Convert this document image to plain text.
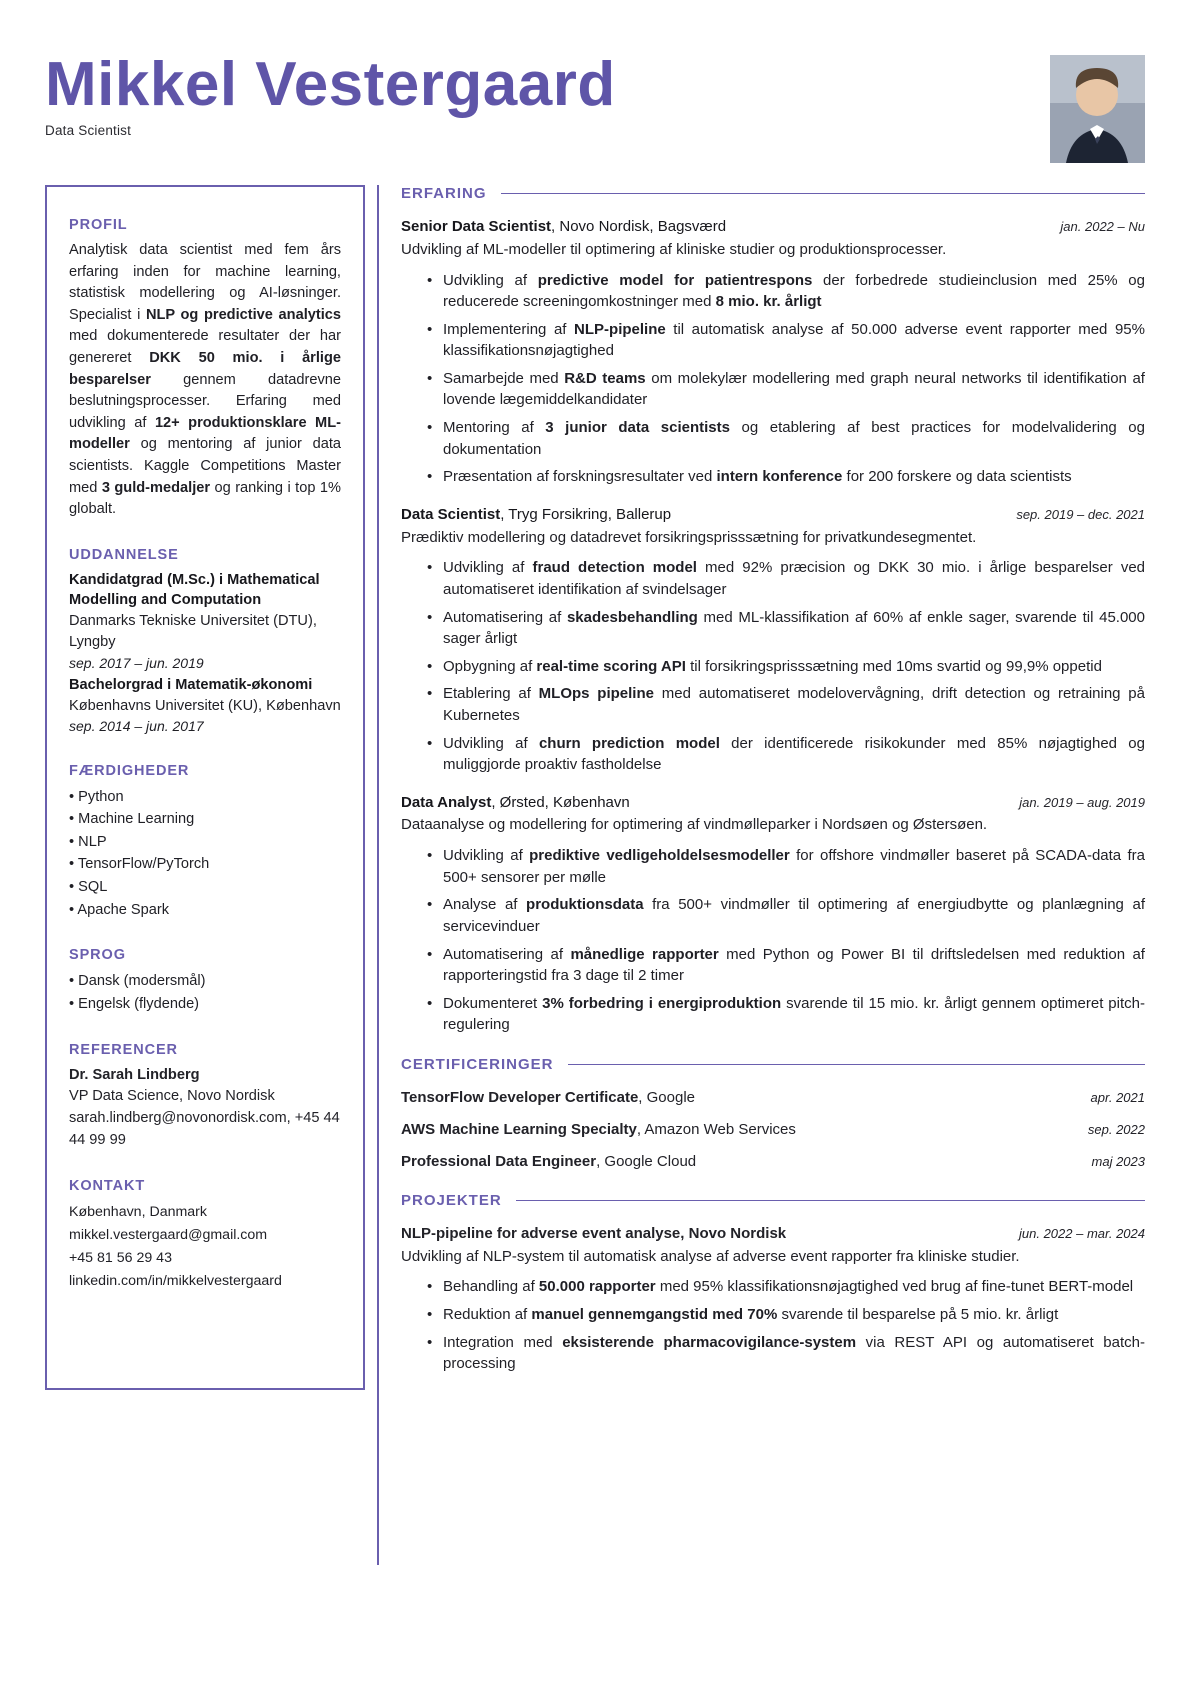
Mikkel Vestergaard
Data Scientist
PROFIL
Analytisk data scientist med fem års erfaring inden for machine learning, statistisk modellering og AI-løsninger. Specialist i NLP og predictive analytics med dokumenterede resultater der har genereret DKK 50 mio. i årlige besparelser gennem datadrevne beslutningsprocesser. Erfaring med udvikling af 12+ produktionsklare ML-modeller og mentoring af junior data scientists. Kaggle Competitions Master med 3 guld-medaljer og ranking i top 1% globalt.
UDDANNELSE
Kandidatgrad (M.Sc.) i Mathematical Modelling and Computation
Danmarks Tekniske Universitet (DTU), Lyngby
sep. 2017 – jun. 2019
Bachelorgrad i Matematik-økonomi
Københavns Universitet (KU), København
sep. 2014 – jun. 2017
FÆRDIGHEDER
• Python
• Machine Learning
• NLP
• TensorFlow/PyTorch
• SQL
• Apache Spark
SPROG
• Dansk (modersmål)
• Engelsk (flydende)
REFERENCER
Dr. Sarah Lindberg
VP Data Science, Novo Nordisk
sarah.lindberg@novonordisk.com, +45 44 44 99 99
KONTAKT
København, Danmark
mikkel.vestergaard@gmail.com
+45 81 56 29 43
linkedin.com/in/mikkelvestergaard
ERFARING
Senior Data Scientist, Novo Nordisk, Bagsværd	jan. 2022 – Nu
Udvikling af ML-modeller til optimering af kliniske studier og produktionsprocesser.
• Udvikling af predictive model for patientrespons der forbedrede studieinclusion med 25% og reducerede screeningomkostninger med 8 mio. kr. årligt
• Implementering af NLP-pipeline til automatisk analyse af 50.000 adverse event rapporter med 95% klassifikationsnøjagtighed
• Samarbejde med R&D teams om molekylær modellering med graph neural networks til identifikation af lovende lægemiddelkandidater
• Mentoring af 3 junior data scientists og etablering af best practices for modelvalidering og dokumentation
• Præsentation af forskningsresultater ved intern konference for 200 forskere og data scientists
Data Scientist, Tryg Forsikring, Ballerup	sep. 2019 – dec. 2021
Prædiktiv modellering og datadrevet forsikringsprisssætning for privatkundesegmentet.
• Udvikling af fraud detection model med 92% præcision og DKK 30 mio. i årlige besparelser ved automatiseret identifikation af svindelsager
• Automatisering af skadesbehandling med ML-klassifikation af 60% af enkle sager, svarende til 45.000 sager årligt
• Opbygning af real-time scoring API til forsikringsprisssætning med 10ms svartid og 99,9% oppetid
• Etablering af MLOps pipeline med automatiseret modelovervågning, drift detection og retraining på Kubernetes
• Udvikling af churn prediction model der identificerede risikokunder med 85% nøjagtighed og muliggjorde proaktiv fastholdelse
Data Analyst, Ørsted, København	jan. 2019 – aug. 2019
Dataanalyse og modellering for optimering af vindmølleparker i Nordsøen og Østersøen.
• Udvikling af prediktive vedligeholdelsesmodeller for offshore vindmøller baseret på SCADA-data fra 500+ sensorer per mølle
• Analyse af produktionsdata fra 500+ vindmøller til optimering af energiudbytte og planlægning af servicevinduer
• Automatisering af månedlige rapporter med Python og Power BI til driftsledelsen med reduktion af rapporteringstid fra 3 dage til 2 timer
• Dokumenteret 3% forbedring i energiproduktion svarende til 15 mio. kr. årligt gennem optimeret pitch-regulering
CERTIFICERINGER
TensorFlow Developer Certificate, Google	apr. 2021
AWS Machine Learning Specialty, Amazon Web Services	sep. 2022
Professional Data Engineer, Google Cloud	maj 2023
PROJEKTER
NLP-pipeline for adverse event analyse, Novo Nordisk	jun. 2022 – mar. 2024
Udvikling af NLP-system til automatisk analyse af adverse event rapporter fra kliniske studier.
• Behandling af 50.000 rapporter med 95% klassifikationsnøjagtighed ved brug af fine-tunet BERT-model
• Reduktion af manuel gennemgangstid med 70% svarende til besparelse på 5 mio. kr. årligt
• Integration med eksisterende pharmacovigilance-system via REST API og automatiseret batch-processing
